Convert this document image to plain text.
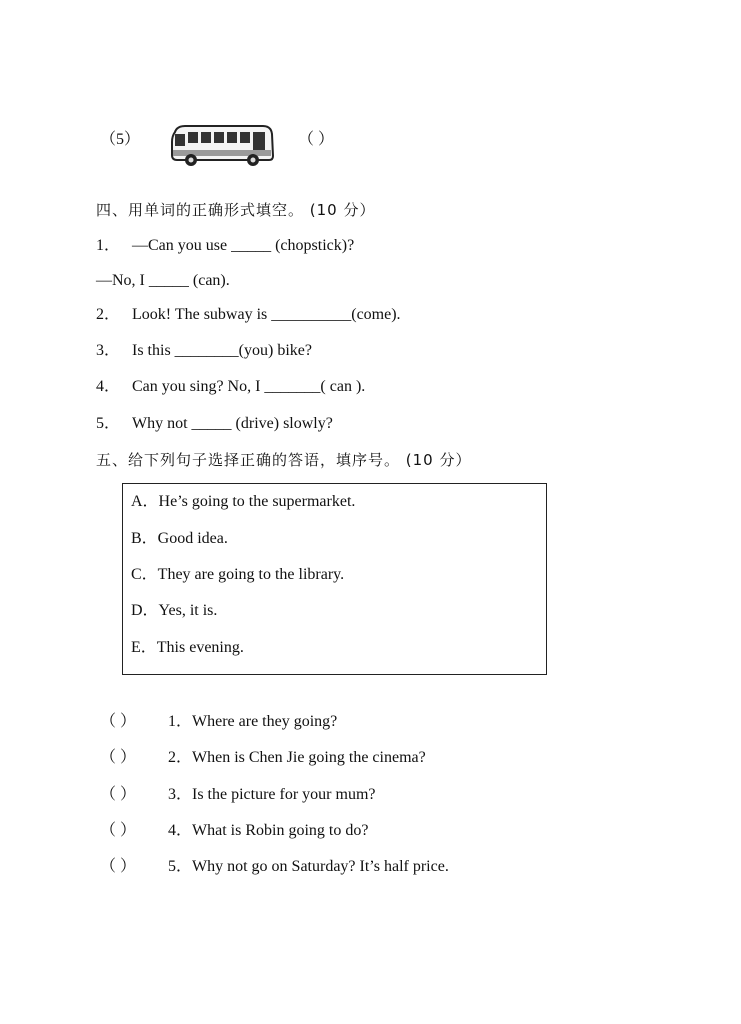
（5）	（ ）
四、用单词的正确形式填空。 (10 分）
1． —Can you use _____ (chopstick)?
—No, I _____ (can).
2． Look! The subway is __________(come).
3． Is this ________(you) bike?
4． Can you sing? No, I _______( can ).
5． Why not _____ (drive) slowly?
五、给下列句子选择正确的答语，填序号。 (10 分）
A．He’s going to the supermarket.
B．Good idea.
C．They are going to the library.
D．Yes, it is.
E．This evening.
（ ） 1．Where are they going?
（ ） 2．When is Chen Jie going the cinema?
（ ） 3．Is the picture for your mum?
（ ） 4．What is Robin going to do?
（ ） 5．Why not go on Saturday? It’s half price.
